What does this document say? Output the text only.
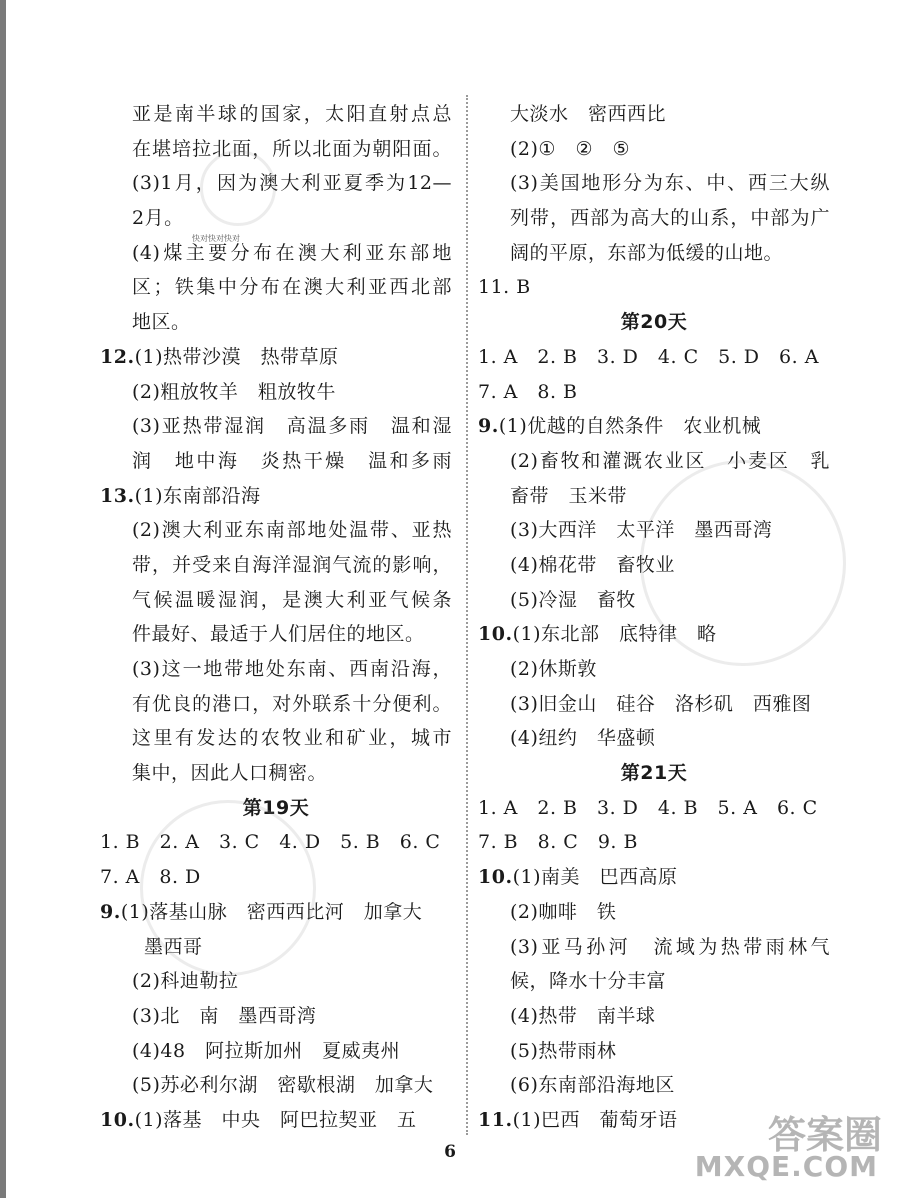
亚是南半球的国家，太阳直射点总
在堪培拉北面，所以北面为朝阳面。
(3)1月，因为澳大利亚夏季为12—
2月。
(4)煤主要分布在澳大利亚东部地
区；铁集中分布在澳大利亚西北部
地区。
12.(1)热带沙漠　热带草原
(2)粗放牧羊　粗放牧牛
(3)亚热带湿润　高温多雨　温和湿
润　地中海　炎热干燥　温和多雨
13.(1)东南部沿海
(2)澳大利亚东南部地处温带、亚热
带，并受来自海洋湿润气流的影响，
气候温暖湿润，是澳大利亚气候条
件最好、最适于人们居住的地区。
(3)这一地带地处东南、西南沿海，
有优良的港口，对外联系十分便利。
这里有发达的农牧业和矿业，城市
集中，因此人口稠密。
第19天
1. B　2. A　3. C　4. D　5. B　6. C
7. A　8. D
9.(1)落基山脉　密西西比河　加拿大
墨西哥
(2)科迪勒拉
(3)北　南　墨西哥湾
(4)48　阿拉斯加州　夏威夷州
(5)苏必利尔湖　密歇根湖　加拿大
10.(1)落基　中央　阿巴拉契亚　五
大淡水　密西西比
(2)①　②　⑤
(3)美国地形分为东、中、西三大纵
列带，西部为高大的山系，中部为广
阔的平原，东部为低缓的山地。
11. B
第20天
1. A　2. B　3. D　4. C　5. D　6. A
7. A　8. B
9.(1)优越的自然条件　农业机械
(2)畜牧和灌溉农业区　小麦区　乳
畜带　玉米带
(3)大西洋　太平洋　墨西哥湾
(4)棉花带　畜牧业
(5)冷湿　畜牧
10.(1)东北部　底特律　略
(2)休斯敦
(3)旧金山　硅谷　洛杉矶　西雅图
(4)纽约　华盛顿
第21天
1. A　2. B　3. D　4. B　5. A　6. C
7. B　8. C　9. B
10.(1)南美　巴西高原
(2)咖啡　铁
(3)亚马孙河　流域为热带雨林气
候，降水十分丰富
(4)热带　南半球
(5)热带雨林
(6)东南部沿海地区
11.(1)巴西　葡萄牙语
快对快对快对
答案圈
MXQE.COM
6
